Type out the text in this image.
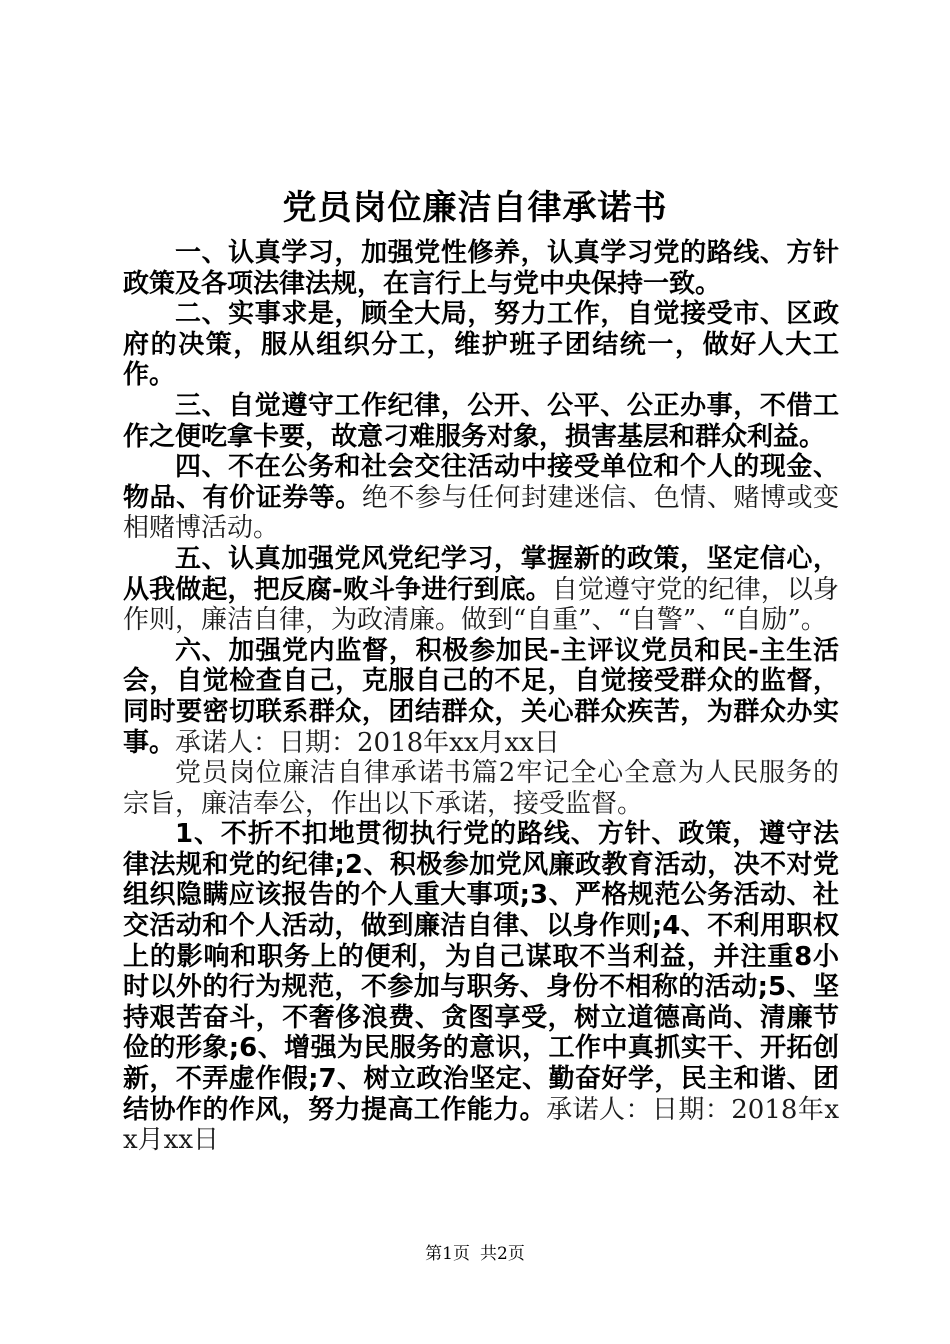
党员岗位廉洁自律承诺书

一、认真学习，加强党性修养，认真学习党的路线、方针政策及各项法律法规，在言行上与党中央保持一致。

二、实事求是，顾全大局，努力工作，自觉接受市、区政府的决策，服从组织分工，维护班子团结统一，做好人大工作。

三、自觉遵守工作纪律，公开、公平、公正办事，不借工作之便吃拿卡要，故意刁难服务对象，损害基层和群众利益。

四、不在公务和社会交往活动中接受单位和个人的现金、物品、有价证券等。绝不参与任何封建迷信、色情、赌博或变相赌博活动。

五、认真加强党风党纪学习，掌握新的政策，坚定信心，从我做起，把反腐-败斗争进行到底。自觉遵守党的纪律，以身作则，廉洁自律，为政清廉。做到“自重”、“自警”、“自励”。

六、加强党内监督，积极参加民-主评议党员和民-主生活会，自觉检查自己，克服自己的不足，自觉接受群众的监督，同时要密切联系群众，团结群众，关心群众疾苦，为群众办实事。承诺人：日期：2018年xx月xx日

党员岗位廉洁自律承诺书篇2牢记全心全意为人民服务的宗旨，廉洁奉公，作出以下承诺，接受监督。

1、不折不扣地贯彻执行党的路线、方针、政策，遵守法律法规和党的纪律;2、积极参加党风廉政教育活动，决不对党组织隐瞒应该报告的个人重大事项;3、严格规范公务活动、社交活动和个人活动，做到廉洁自律、以身作则;4、不利用职权上的影响和职务上的便利，为自己谋取不当利益，并注重8小时以外的行为规范，不参加与职务、身份不相称的活动;5、坚持艰苦奋斗，不奢侈浪费、贪图享受，树立道德高尚、清廉节俭的形象;6、增强为民服务的意识，工作中真抓实干、开拓创新，不弄虚作假;7、树立政治坚定、勤奋好学，民主和谐、团结协作的作风，努力提高工作能力。承诺人：日期：2018年xx月xx日

第1页 共2页
